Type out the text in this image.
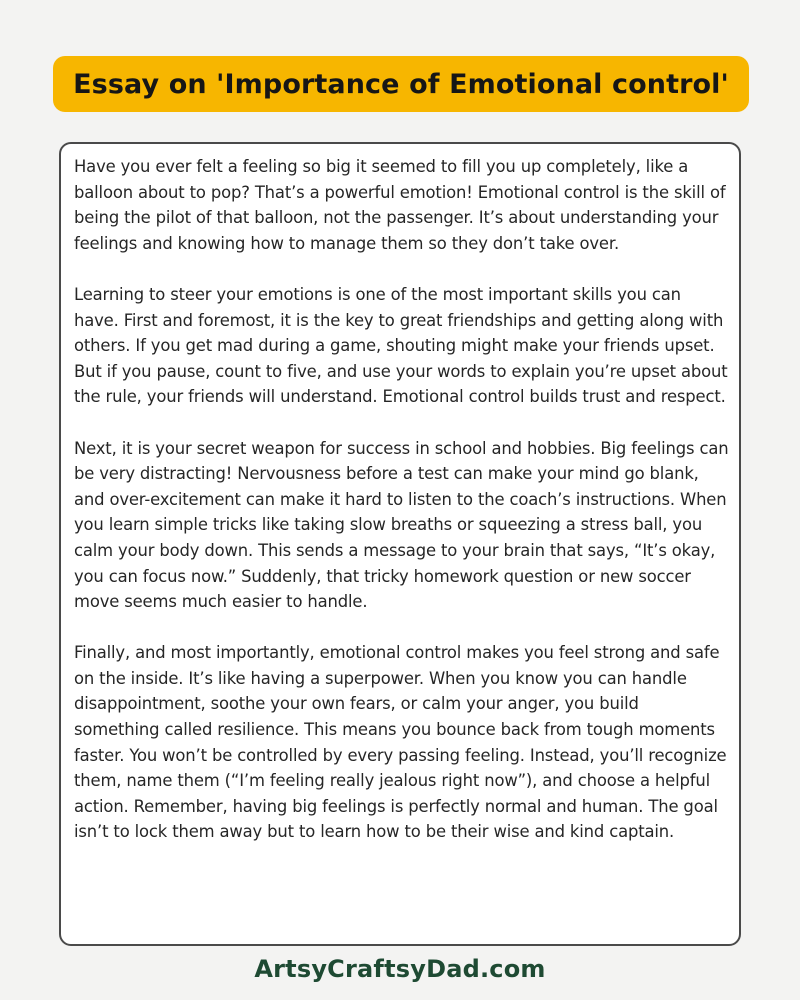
Essay on 'Importance of Emotional control'

Have you ever felt a feeling so big it seemed to fill you up completely, like a balloon about to pop? That’s a powerful emotion! Emotional control is the skill of being the pilot of that balloon, not the passenger. It’s about understanding your feelings and knowing how to manage them so they don’t take over.

Learning to steer your emotions is one of the most important skills you can have. First and foremost, it is the key to great friendships and getting along with others. If you get mad during a game, shouting might make your friends upset. But if you pause, count to five, and use your words to explain you’re upset about the rule, your friends will understand. Emotional control builds trust and respect.

Next, it is your secret weapon for success in school and hobbies. Big feelings can be very distracting! Nervousness before a test can make your mind go blank, and over-excitement can make it hard to listen to the coach’s instructions. When you learn simple tricks like taking slow breaths or squeezing a stress ball, you calm your body down. This sends a message to your brain that says, “It’s okay, you can focus now.” Suddenly, that tricky homework question or new soccer move seems much easier to handle.

Finally, and most importantly, emotional control makes you feel strong and safe on the inside. It’s like having a superpower. When you know you can handle disappointment, soothe your own fears, or calm your anger, you build something called resilience. This means you bounce back from tough moments faster. You won’t be controlled by every passing feeling. Instead, you’ll recognize them, name them (“I’m feeling really jealous right now”), and choose a helpful action. Remember, having big feelings is perfectly normal and human. The goal isn’t to lock them away but to learn how to be their wise and kind captain.

ArtsyCraftsyDad.com
